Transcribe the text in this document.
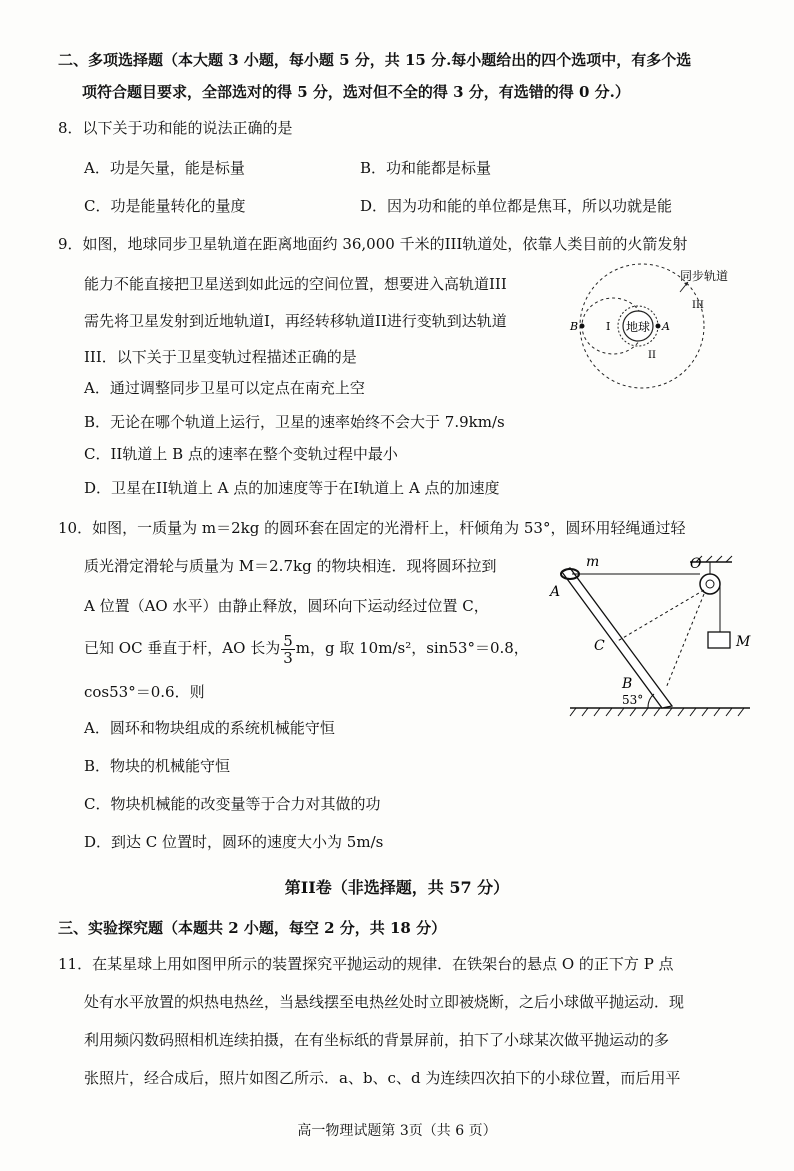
二、多项选择题（本大题 3 小题，每小题 5 分，共 15 分.每小题给出的四个选项中，有多个选
项符合题目要求，全部选对的得 5 分，选对但不全的得 3 分，有选错的得 0 分.）
8．以下关于功和能的说法正确的是
A．功是矢量，能是标量	B．功和能都是标量
C．功是能量转化的量度	D．因为功和能的单位都是焦耳，所以功就是能
9．如图，地球同步卫星轨道在距离地面约 36,000 千米的III轨道处，依靠人类目前的火箭发射
能力不能直接把卫星送到如此远的空间位置，想要进入高轨道III
需先将卫星发射到近地轨道I，再经转移轨道II进行变轨到达轨道
III．以下关于卫星变轨过程描述正确的是
A．通过调整同步卫星可以定点在南充上空
B．无论在哪个轨道上运行，卫星的速率始终不会大于 7.9km/s
C．II轨道上 B 点的速率在整个变轨过程中最小
D．卫星在II轨道上 A 点的加速度等于在I轨道上 A 点的加速度
地球
B	A
I
II
III
同步轨道
10．如图，一质量为 m＝2kg 的圆环套在固定的光滑杆上，杆倾角为 53°，圆环用轻绳通过轻
质光滑定滑轮与质量为 M＝2.7kg 的物块相连．现将圆环拉到
A 位置（AO 水平）由静止释放，圆环向下运动经过位置 C，
已知 OC 垂直于杆，AO 长为 $\frac{5}{3}$ m，g 取 10m/s²，sin53°＝0.8，
cos53°＝0.6．则
A．圆环和物块组成的系统机械能守恒
B．物块的机械能守恒
C．物块机械能的改变量等于合力对其做的功
D．到达 C 位置时，圆环的速度大小为 5m/s
53°
m
A
O
M
C
B
第II卷（非选择题，共 57 分）
三、实验探究题（本题共 2 小题，每空 2 分，共 18 分）
11．在某星球上用如图甲所示的装置探究平抛运动的规律．在铁架台的悬点 O 的正下方 P 点
处有水平放置的炽热电热丝，当悬线摆至电热丝处时立即被烧断，之后小球做平抛运动．现
利用频闪数码照相机连续拍摄，在有坐标纸的背景屏前，拍下了小球某次做平抛运动的多
张照片，经合成后，照片如图乙所示．a、b、c、d 为连续四次拍下的小球位置，而后用平
高一物理试题第 3页（共 6 页）
